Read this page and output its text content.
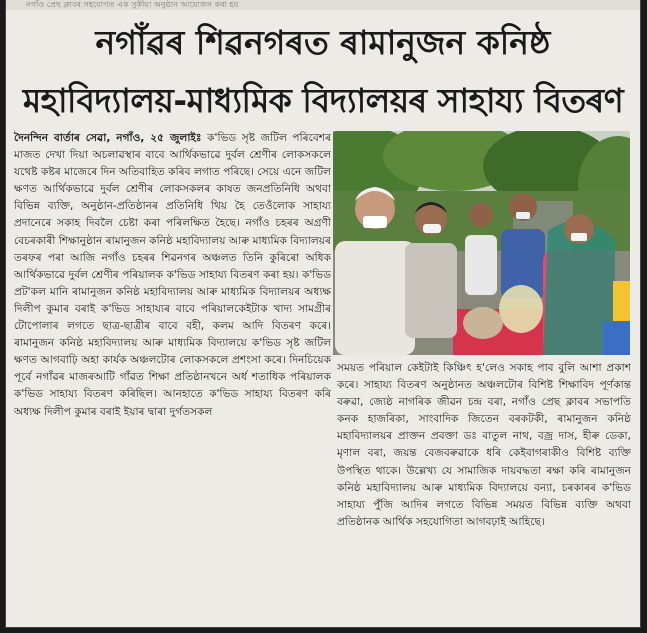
নগাঁও প্ৰেছ ক্লাবৰ সহযোগত এক সুকীয়া অনুষ্ঠান আয়োজন কৰা হয়
নগাঁৱৰ শিৱনগৰত ৰামানুজন কনিষ্ঠ
মহাবিদ্যালয়-মাধ্যমিক বিদ্যালয়ৰ সাহায্য বিতৰণ
দৈনন্দিন বাৰ্তাৰ সেৱা, নগাঁও, ২৫ জুলাইঃ ক'ভিড সৃষ্ট জটিল পৰিবেশৰ মাজত দেখা দিয়া অচলাৱস্থাৰ বাবে আৰ্থিকভাৱে দুৰ্বল শ্ৰেণীৰ লোকসকলে যথেষ্ট কষ্টৰ মাজেৰে দিন অতিবাহিত কৰিব লগাত পৰিছে। সেয়ে এনে জটিল ক্ষণত আৰ্থিকভাৱে দুৰ্বল শ্ৰেণীৰ লোকসকলৰ কাষত জনপ্ৰতিনিধি অথবা বিভিন্ন ব্যক্তি, অনুষ্ঠান-প্ৰতিষ্ঠানৰ প্ৰতিনিধি থিয় হৈ তেওঁলোক সাহায্য প্ৰদানেৰে সকাহ দিবলৈ চেষ্টা কৰা পৰিলক্ষিত হৈছে। নগাঁও চহৰৰ অগ্ৰণী বেচৰকাৰী শিক্ষানুষ্ঠান ৰামানুজন কনিষ্ঠ মহাবিদ্যালয় আৰু মাধ্যমিক বিদ্যালয়ৰ তৰফৰ পৰা আজি নগাঁও চহৰৰ শিৱনগৰ অঞ্চলত তিনি কুৰিৰো অধিক আৰ্থিকভাৱে দুৰ্বল শ্ৰেণীৰ পৰিয়ালক ক'ভিড সাহায্য বিতৰণ কৰা হয়। ক'ভিড প্ৰট'কল মানি ৰামানুজন কনিষ্ঠ মহাবিদ্যালয় আৰু মাধ্যমিক বিদ্যালয়ৰ অধ্যক্ষ দিলীপ কুমাৰ বৰাই ক'ভিড সাহায্যৰ বাবে পৰিয়ালকেইটাক খাদ্য সামগ্ৰীৰ টোপোলাৰ লগতে ছাত্ৰ-ছাত্ৰীৰ বাবে বহী, কলম আদি বিতৰণ কৰে। ৰামানুজন কনিষ্ঠ মহাবিদ্যালয় আৰু মাধ্যমিক বিদ্যালয়ে ক'ভিড সৃষ্ট জটিল ক্ষণত আগবাঢ়ি অহা কাৰ্যক অঞ্চলটোৰ লোকসকলে প্ৰশংসা কৰে। দিনচিয়েক পূৰ্বে নগাঁৱৰ মাজৰআটি গাঁৱত শিক্ষা প্ৰতিষ্ঠানখনে অৰ্ধ শতাধিক পৰিয়ালক ক'ভিড সাহায্য বিতৰণ কৰিছিল। আনহাতে ক'ভিড সাহায্য বিতৰণ কৰি অধ্যক্ষ দিলীপ কুমাৰ বৰাই ইয়াৰ দ্বাৰা দুৰ্গতসকল
সময়ত পৰিয়াল কেইটাই কিঞ্চিৎ হ'লেও সকাহ পাব বুলি আশা প্ৰকাশ কৰে। সাহায্য বিতৰণ অনুষ্ঠানত অঞ্চলটোৰ বিশিষ্ট শিক্ষাবিদ পূৰ্ণকান্ত বৰুৱা, জ্যেষ্ঠ নাগৰিক জীৱন চন্দ্ৰ বৰা, নগাঁও প্ৰেছ ক্লাবৰ সভাপতি কনক হাজৰিকা, সাংবাদিক জিতেন বৰকটকী, ৰামানুজন কনিষ্ঠ মহাবিদ্যালয়ৰ প্ৰাক্তন প্ৰবক্তা ডঃ বাতুল নাথ, বজ্ৰ দাস, হীৰু ডেকা, মৃণাল বৰা, জয়ন্ত বেজবৰুৱাকে ধৰি কেইবাগৰাকীও বিশিষ্ট ব্যক্তি উপস্থিত থাকে। উল্লেখ্য যে সামাজিক দায়বদ্ধতা ৰক্ষা কৰি ৰামানুজন কনিষ্ঠ মহাবিদ্যালয় আৰু মাধ্যমিক বিদ্যালয়ে বন্যা, চৰকাৰৰ ক'ভিড সাহায্য পুঁজি আদিৰ লগতে বিভিন্ন সময়ত বিভিন্ন ব্যক্তি অথবা প্ৰতিষ্ঠানক আৰ্থিক সহযোগিতা আগবঢ়াই আহিছে।
